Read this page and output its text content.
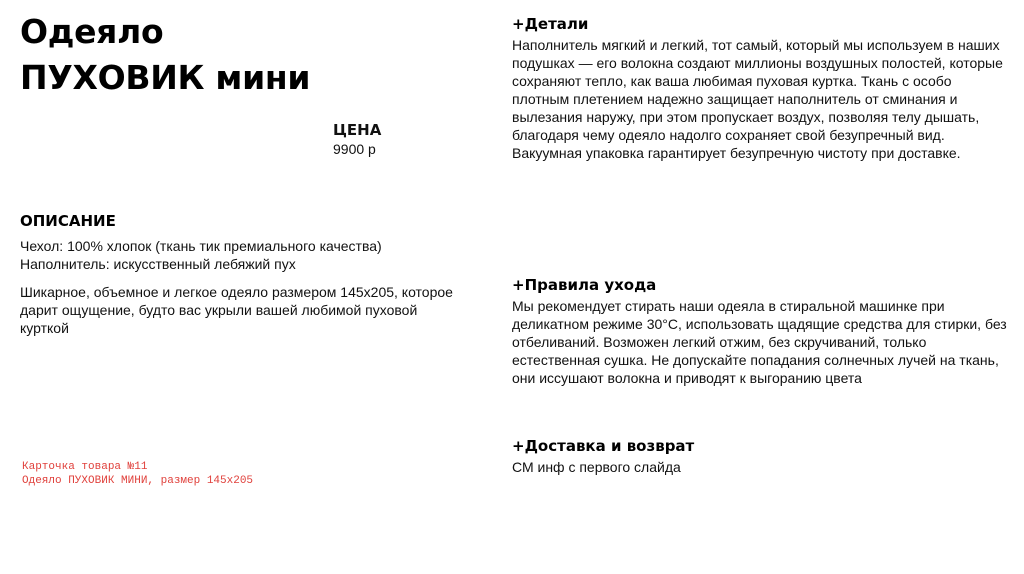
Одеяло
ПУХОВИК мини
ЦЕНА
9900 р
ОПИСАНИЕ
Чехол: 100% хлопок (ткань тик премиального качества)
Наполнитель: искусственный лебяжий пух
Шикарное, объемное и легкое одеяло размером 145х205, которое дарит ощущение, будто вас укрыли вашей любимой пуховой курткой
Карточка товара №11
Одеяло ПУХОВИК МИНИ, размер 145х205
+Детали

Наполнитель мягкий и легкий, тот самый, который мы используем в наших подушках — его волокна создают миллионы воздушных полостей, которые сохраняют тепло, как ваша любимая пуховая куртка. Ткань с особо плотным плетением надежно защищает наполнитель от сминания и вылезания наружу, при этом пропускает воздух, позволяя телу дышать, благодаря чему одеяло надолго сохраняет свой безупречный вид.

Вакуумная упаковка гарантирует безупречную чистоту при доставке.

+Правила ухода

Мы рекомендует стирать наши одеяла в стиральной машинке при деликатном режиме 30°С, использовать щадящие средства для стирки, без отбеливаний. Возможен легкий отжим, без скручиваний, только естественная сушка. Не допускайте попадания солнечных лучей на ткань, они иссушают волокна и приводят к выгоранию цвета

+Доставка и возврат

СМ инф с первого слайда
